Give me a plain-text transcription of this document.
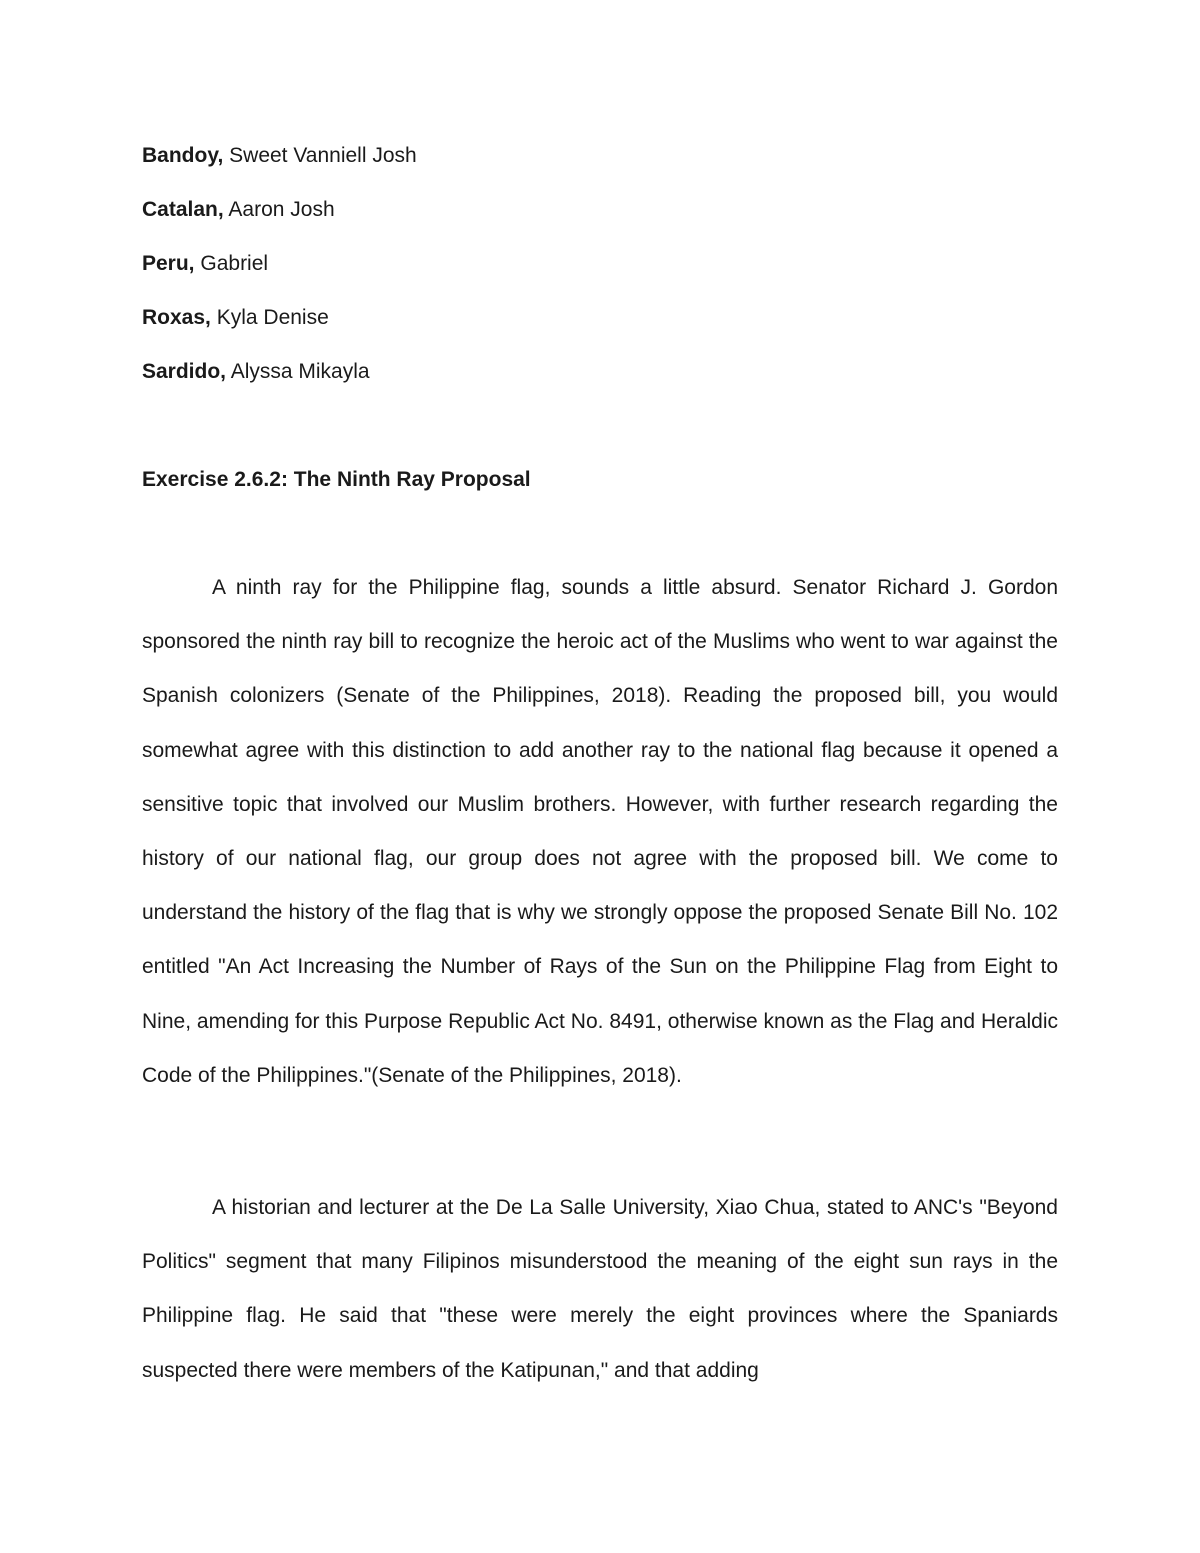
Bandoy, Sweet Vanniell Josh
Catalan, Aaron Josh
Peru, Gabriel
Roxas, Kyla Denise
Sardido, Alyssa Mikayla
Exercise 2.6.2: The Ninth Ray Proposal

A ninth ray for the Philippine flag, sounds a little absurd. Senator Richard J. Gordon sponsored the ninth ray bill to recognize the heroic act of the Muslims who went to war against the Spanish colonizers (Senate of the Philippines, 2018). Reading the proposed bill, you would somewhat agree with this distinction to add another ray to the national flag because it opened a sensitive topic that involved our Muslim brothers. However, with further research regarding the history of our national flag, our group does not agree with the proposed bill. We come to understand the history of the flag that is why we strongly oppose the proposed Senate Bill No. 102 entitled "An Act Increasing the Number of Rays of the Sun on the Philippine Flag from Eight to Nine, amending for this Purpose Republic Act No. 8491, otherwise known as the Flag and Heraldic Code of the Philippines."(Senate of the Philippines, 2018).

A historian and lecturer at the De La Salle University, Xiao Chua, stated to ANC's "Beyond Politics" segment that many Filipinos misunderstood the meaning of the eight sun rays in the Philippine flag. He said that "these were merely the eight provinces where the Spaniards suspected there were members of the Katipunan," and that adding
